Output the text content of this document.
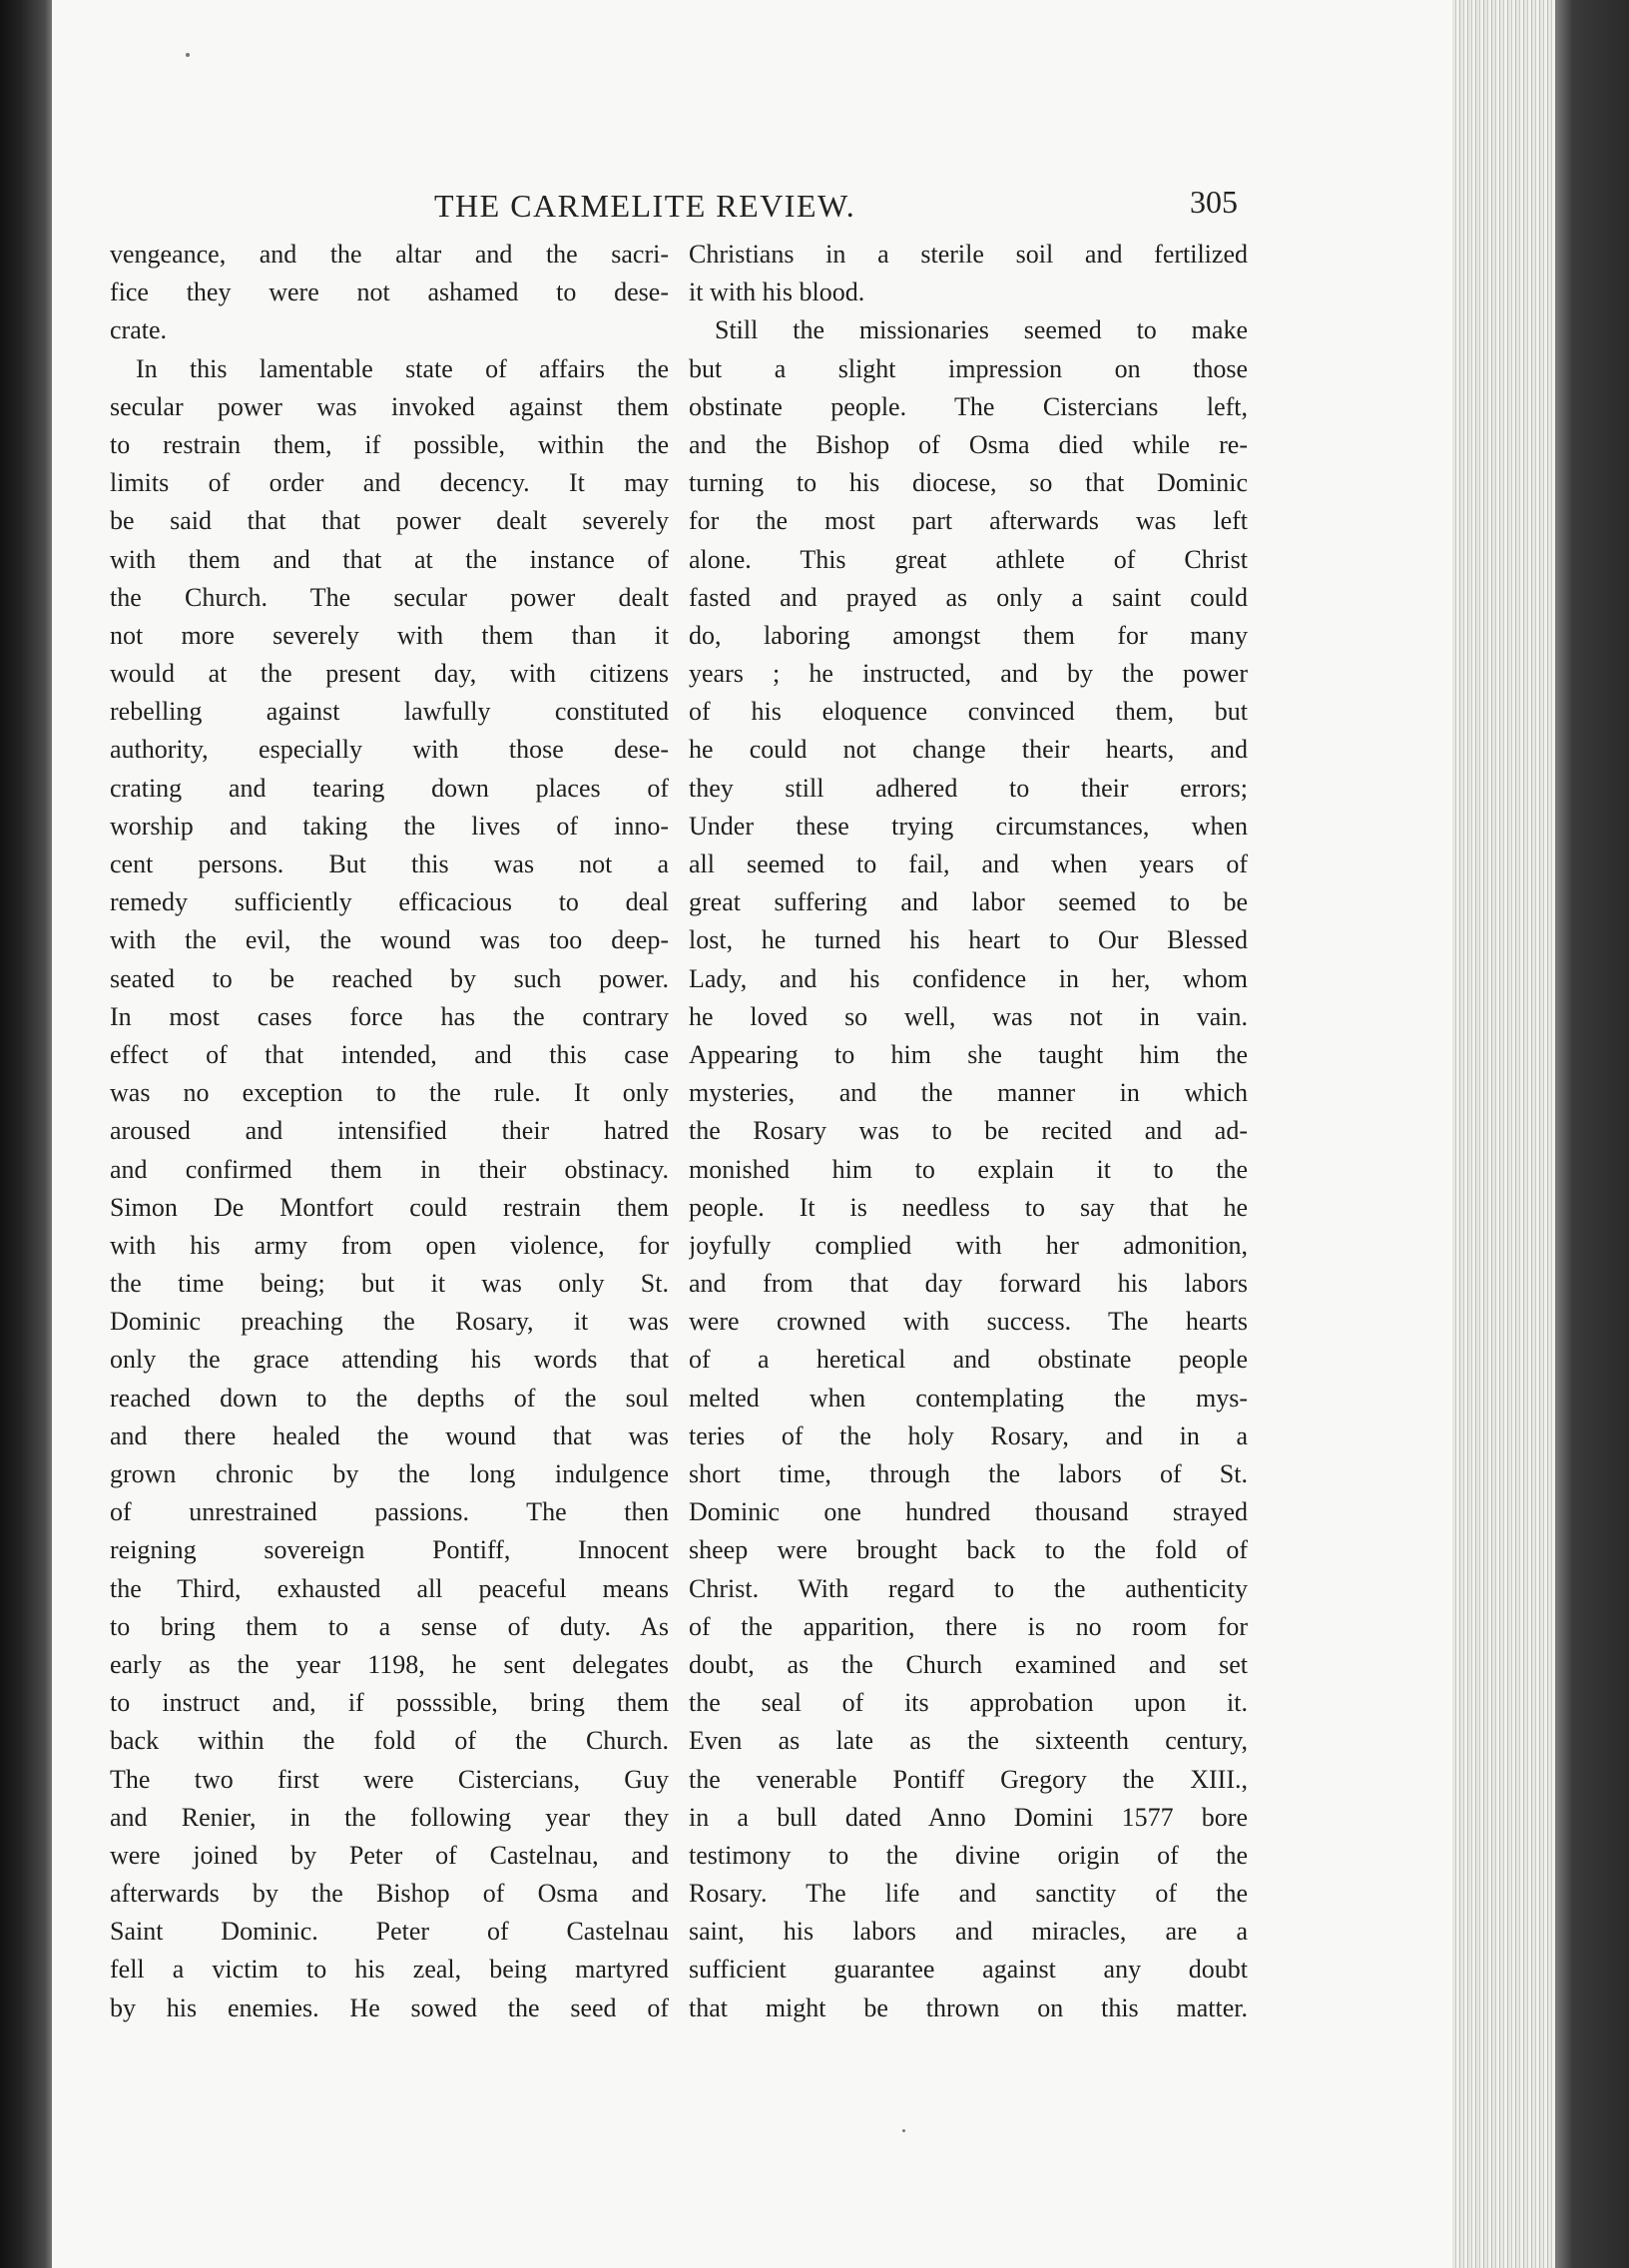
THE CARMELITE REVIEW.	305
vengeance, and the altar and the sacri-
fice they were not ashamed to dese-
crate.
In this lamentable state of affairs the
secular power was invoked against them
to restrain them, if possible, within the
limits of order and decency. It may
be said that that power dealt severely
with them and that at the instance of
the Church. The secular power dealt
not more severely with them than it
would at the present day, with citizens
rebelling against lawfully constituted
authority, especially with those dese-
crating and tearing down places of
worship and taking the lives of inno-
cent persons. But this was not a
remedy sufficiently efficacious to deal
with the evil, the wound was too deep-
seated to be reached by such power.
In most cases force has the contrary
effect of that intended, and this case
was no exception to the rule. It only
aroused and intensified their hatred
and confirmed them in their obstinacy.
Simon De Montfort could restrain them
with his army from open violence, for
the time being; but it was only St.
Dominic preaching the Rosary, it was
only the grace attending his words that
reached down to the depths of the soul
and there healed the wound that was
grown chronic by the long indulgence
of unrestrained passions. The then
reigning sovereign Pontiff, Innocent
the Third, exhausted all peaceful means
to bring them to a sense of duty. As
early as the year 1198, he sent delegates
to instruct and, if posssible, bring them
back within the fold of the Church.
The two first were Cistercians, Guy
and Renier, in the following year they
were joined by Peter of Castelnau, and
afterwards by the Bishop of Osma and
Saint Dominic. Peter of Castelnau
fell a victim to his zeal, being martyred
by his enemies. He sowed the seed of
Christians in a sterile soil and fertilized
it with his blood.
Still the missionaries seemed to make
but a slight impression on those
obstinate people. The Cistercians left,
and the Bishop of Osma died while re-
turning to his diocese, so that Dominic
for the most part afterwards was left
alone. This great athlete of Christ
fasted and prayed as only a saint could
do, laboring amongst them for many
years ; he instructed, and by the power
of his eloquence convinced them, but
he could not change their hearts, and
they still adhered to their errors;
Under these trying circumstances, when
all seemed to fail, and when years of
great suffering and labor seemed to be
lost, he turned his heart to Our Blessed
Lady, and his confidence in her, whom
he loved so well, was not in vain.
Appearing to him she taught him the
mysteries, and the manner in which
the Rosary was to be recited and ad-
monished him to explain it to the
people. It is needless to say that he
joyfully complied with her admonition,
and from that day forward his labors
were crowned with success. The hearts
of a heretical and obstinate people
melted when contemplating the mys-
teries of the holy Rosary, and in a
short time, through the labors of St.
Dominic one hundred thousand strayed
sheep were brought back to the fold of
Christ. With regard to the authenticity
of the apparition, there is no room for
doubt, as the Church examined and set
the seal of its approbation upon it.
Even as late as the sixteenth century,
the venerable Pontiff Gregory the XIII.,
in a bull dated Anno Domini 1577 bore
testimony to the divine origin of the
Rosary. The life and sanctity of the
saint, his labors and miracles, are a
sufficient guarantee against any doubt
that might be thrown on this matter.
